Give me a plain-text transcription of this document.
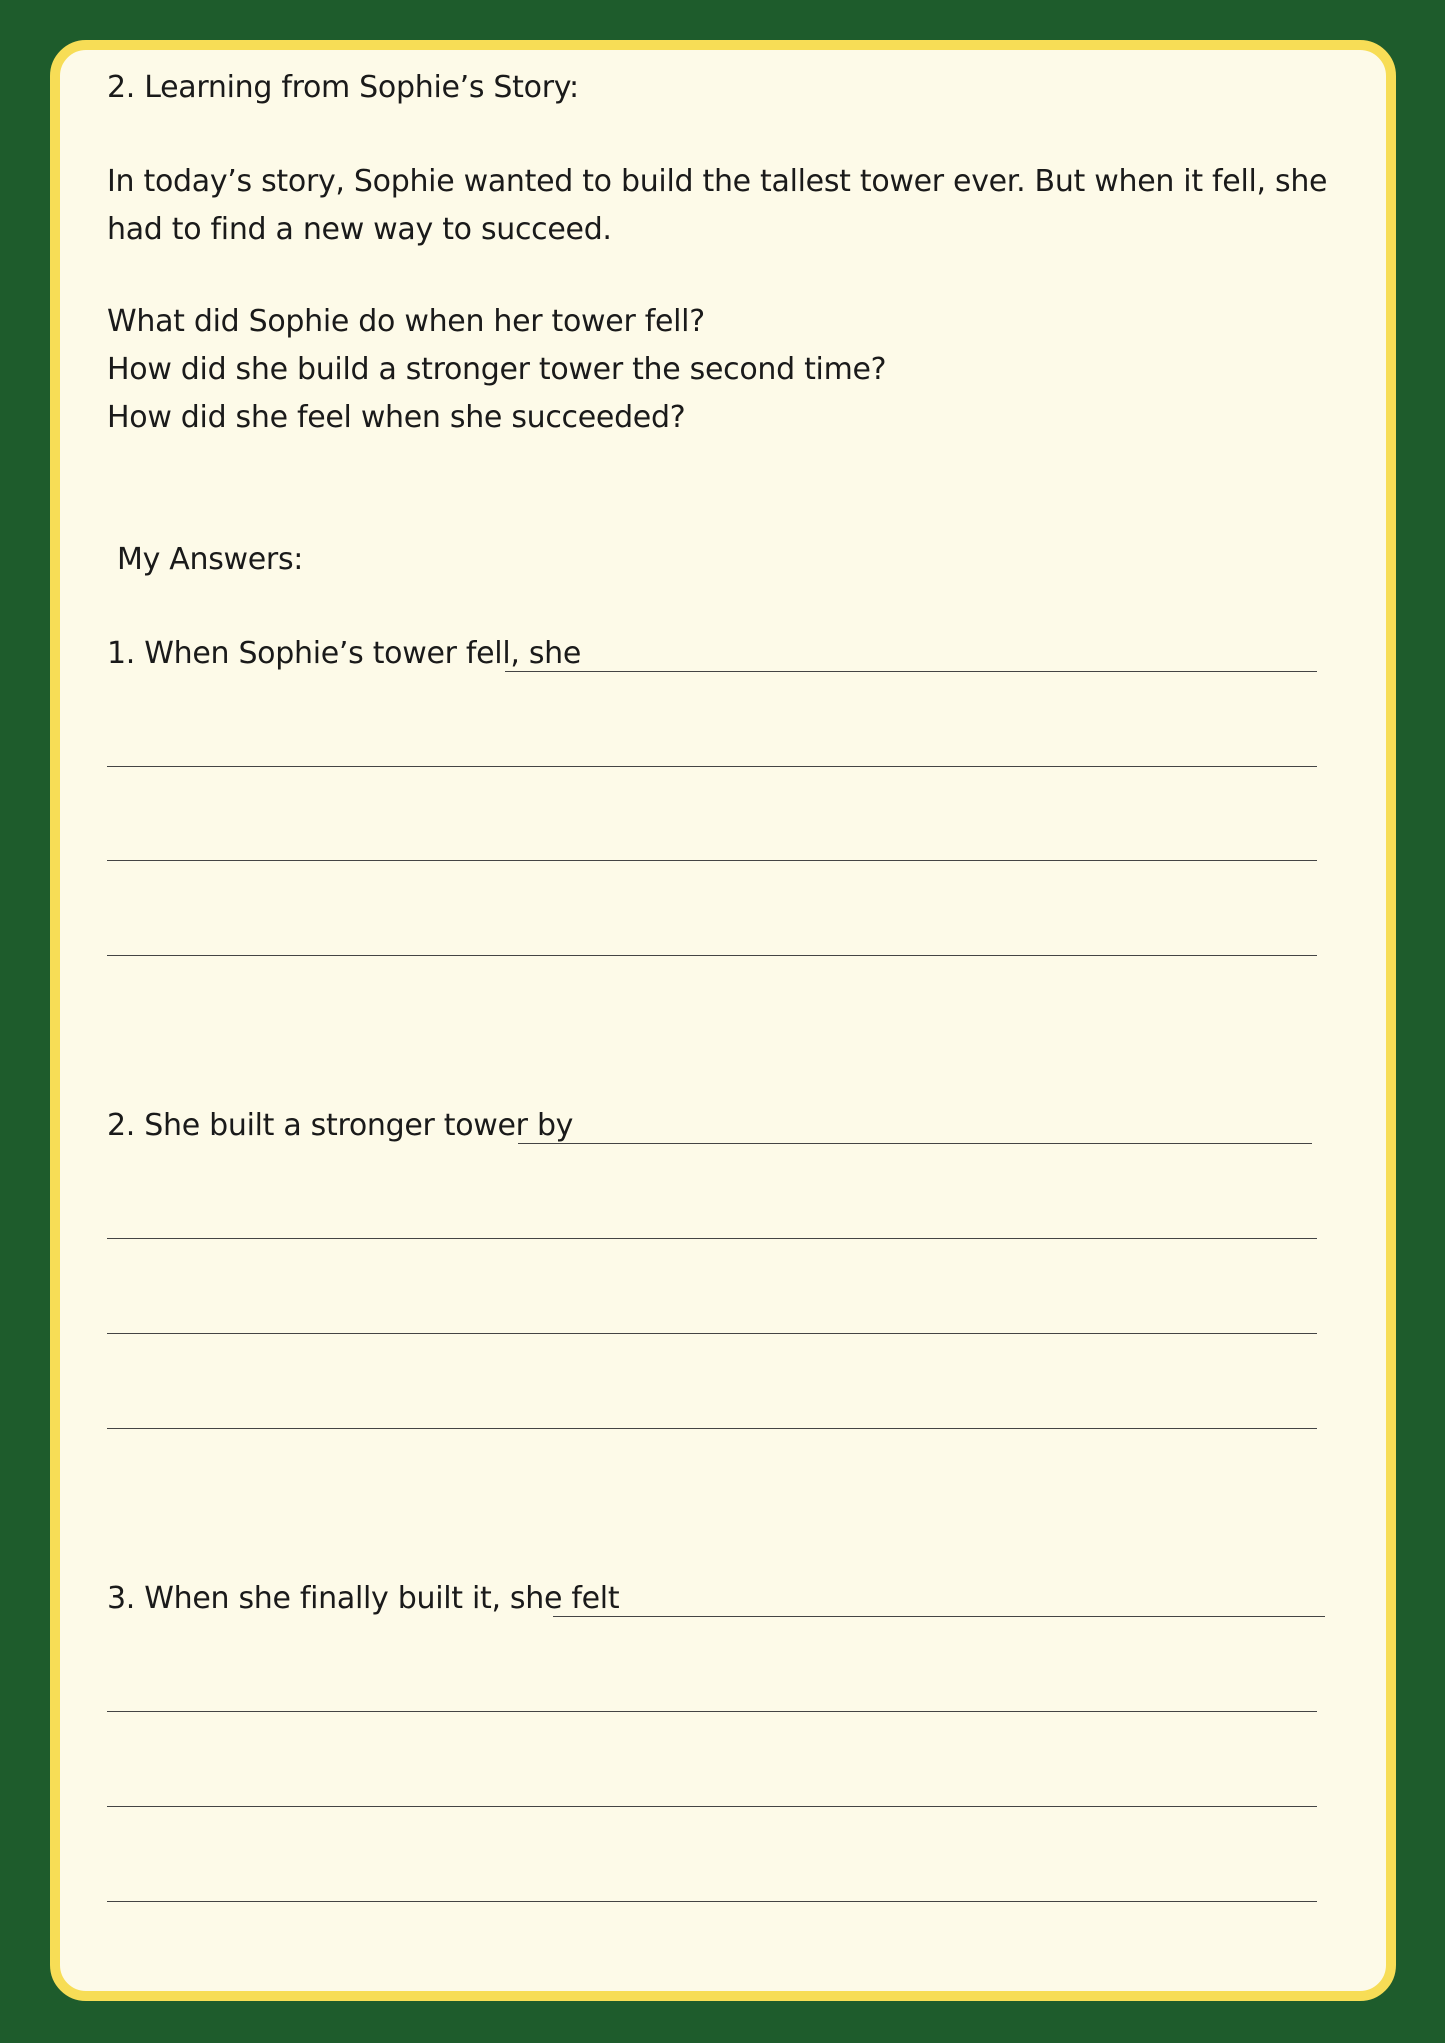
2. Learning from Sophie’s Story:
In today’s story, Sophie wanted to build the tallest tower ever. But when it fell, she
had to find a new way to succeed.
What did Sophie do when her tower fell?
How did she build a stronger tower the second time?
How did she feel when she succeeded?
My Answers:
1. When Sophie’s tower fell, she
2. She built a stronger tower by
3. When she finally built it, she felt
